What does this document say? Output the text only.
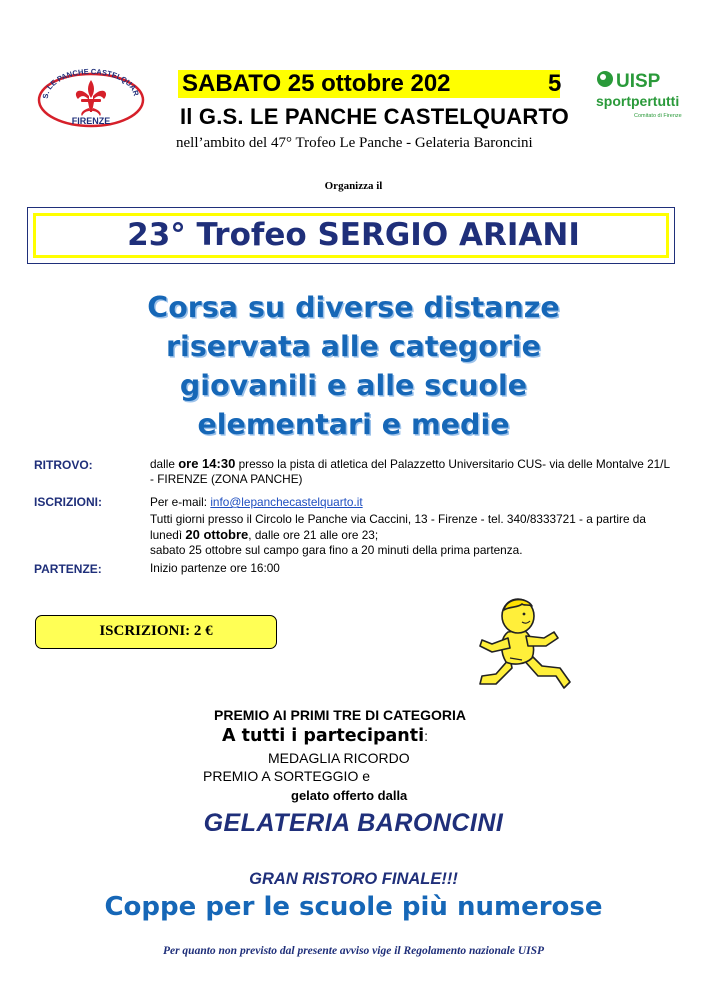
S. LE PANCHE CASTELQUAR
FIRENZE
UISP
sportpertutti
Comitato di Firenze
SABATO 25 ottobre 202	5
Il G.S. LE PANCHE CASTELQUARTO
nell’ambito del 47° Trofeo Le Panche - Gelateria Baroncini
Organizza il
23° Trofeo SERGIO ARIANI
Corsa su diverse distanze
riservata alle categorie
giovanili e alle scuole
elementari e medie
RITROVO:	dalle ore 14:30 presso la pista di atletica del Palazzetto Universitario CUS- via delle Montalve 21/L - FIRENZE (ZONA PANCHE)
ISCRIZIONI:	Per e-mail: info@lepanchecastelquarto.it
Tutti giorni presso il Circolo le Panche via Caccini, 13 - Firenze - tel. 340/8333721 - a partire da lunedì 20 ottobre, dalle ore 21 alle ore 23;
sabato 25 ottobre sul campo gara fino a 20 minuti della prima partenza.
PARTENZE:	Inizio partenze ore 16:00
ISCRIZIONI: 2 €
PREMIO AI PRIMI TRE DI CATEGORIA
A tutti i partecipanti:
MEDAGLIA RICORDO
PREMIO A SORTEGGIO e
gelato offerto dalla
GELATERIA BARONCINI
GRAN RISTORO FINALE!!!
Coppe per le scuole più numerose
Per quanto non previsto dal presente avviso vige il Regolamento nazionale UISP
